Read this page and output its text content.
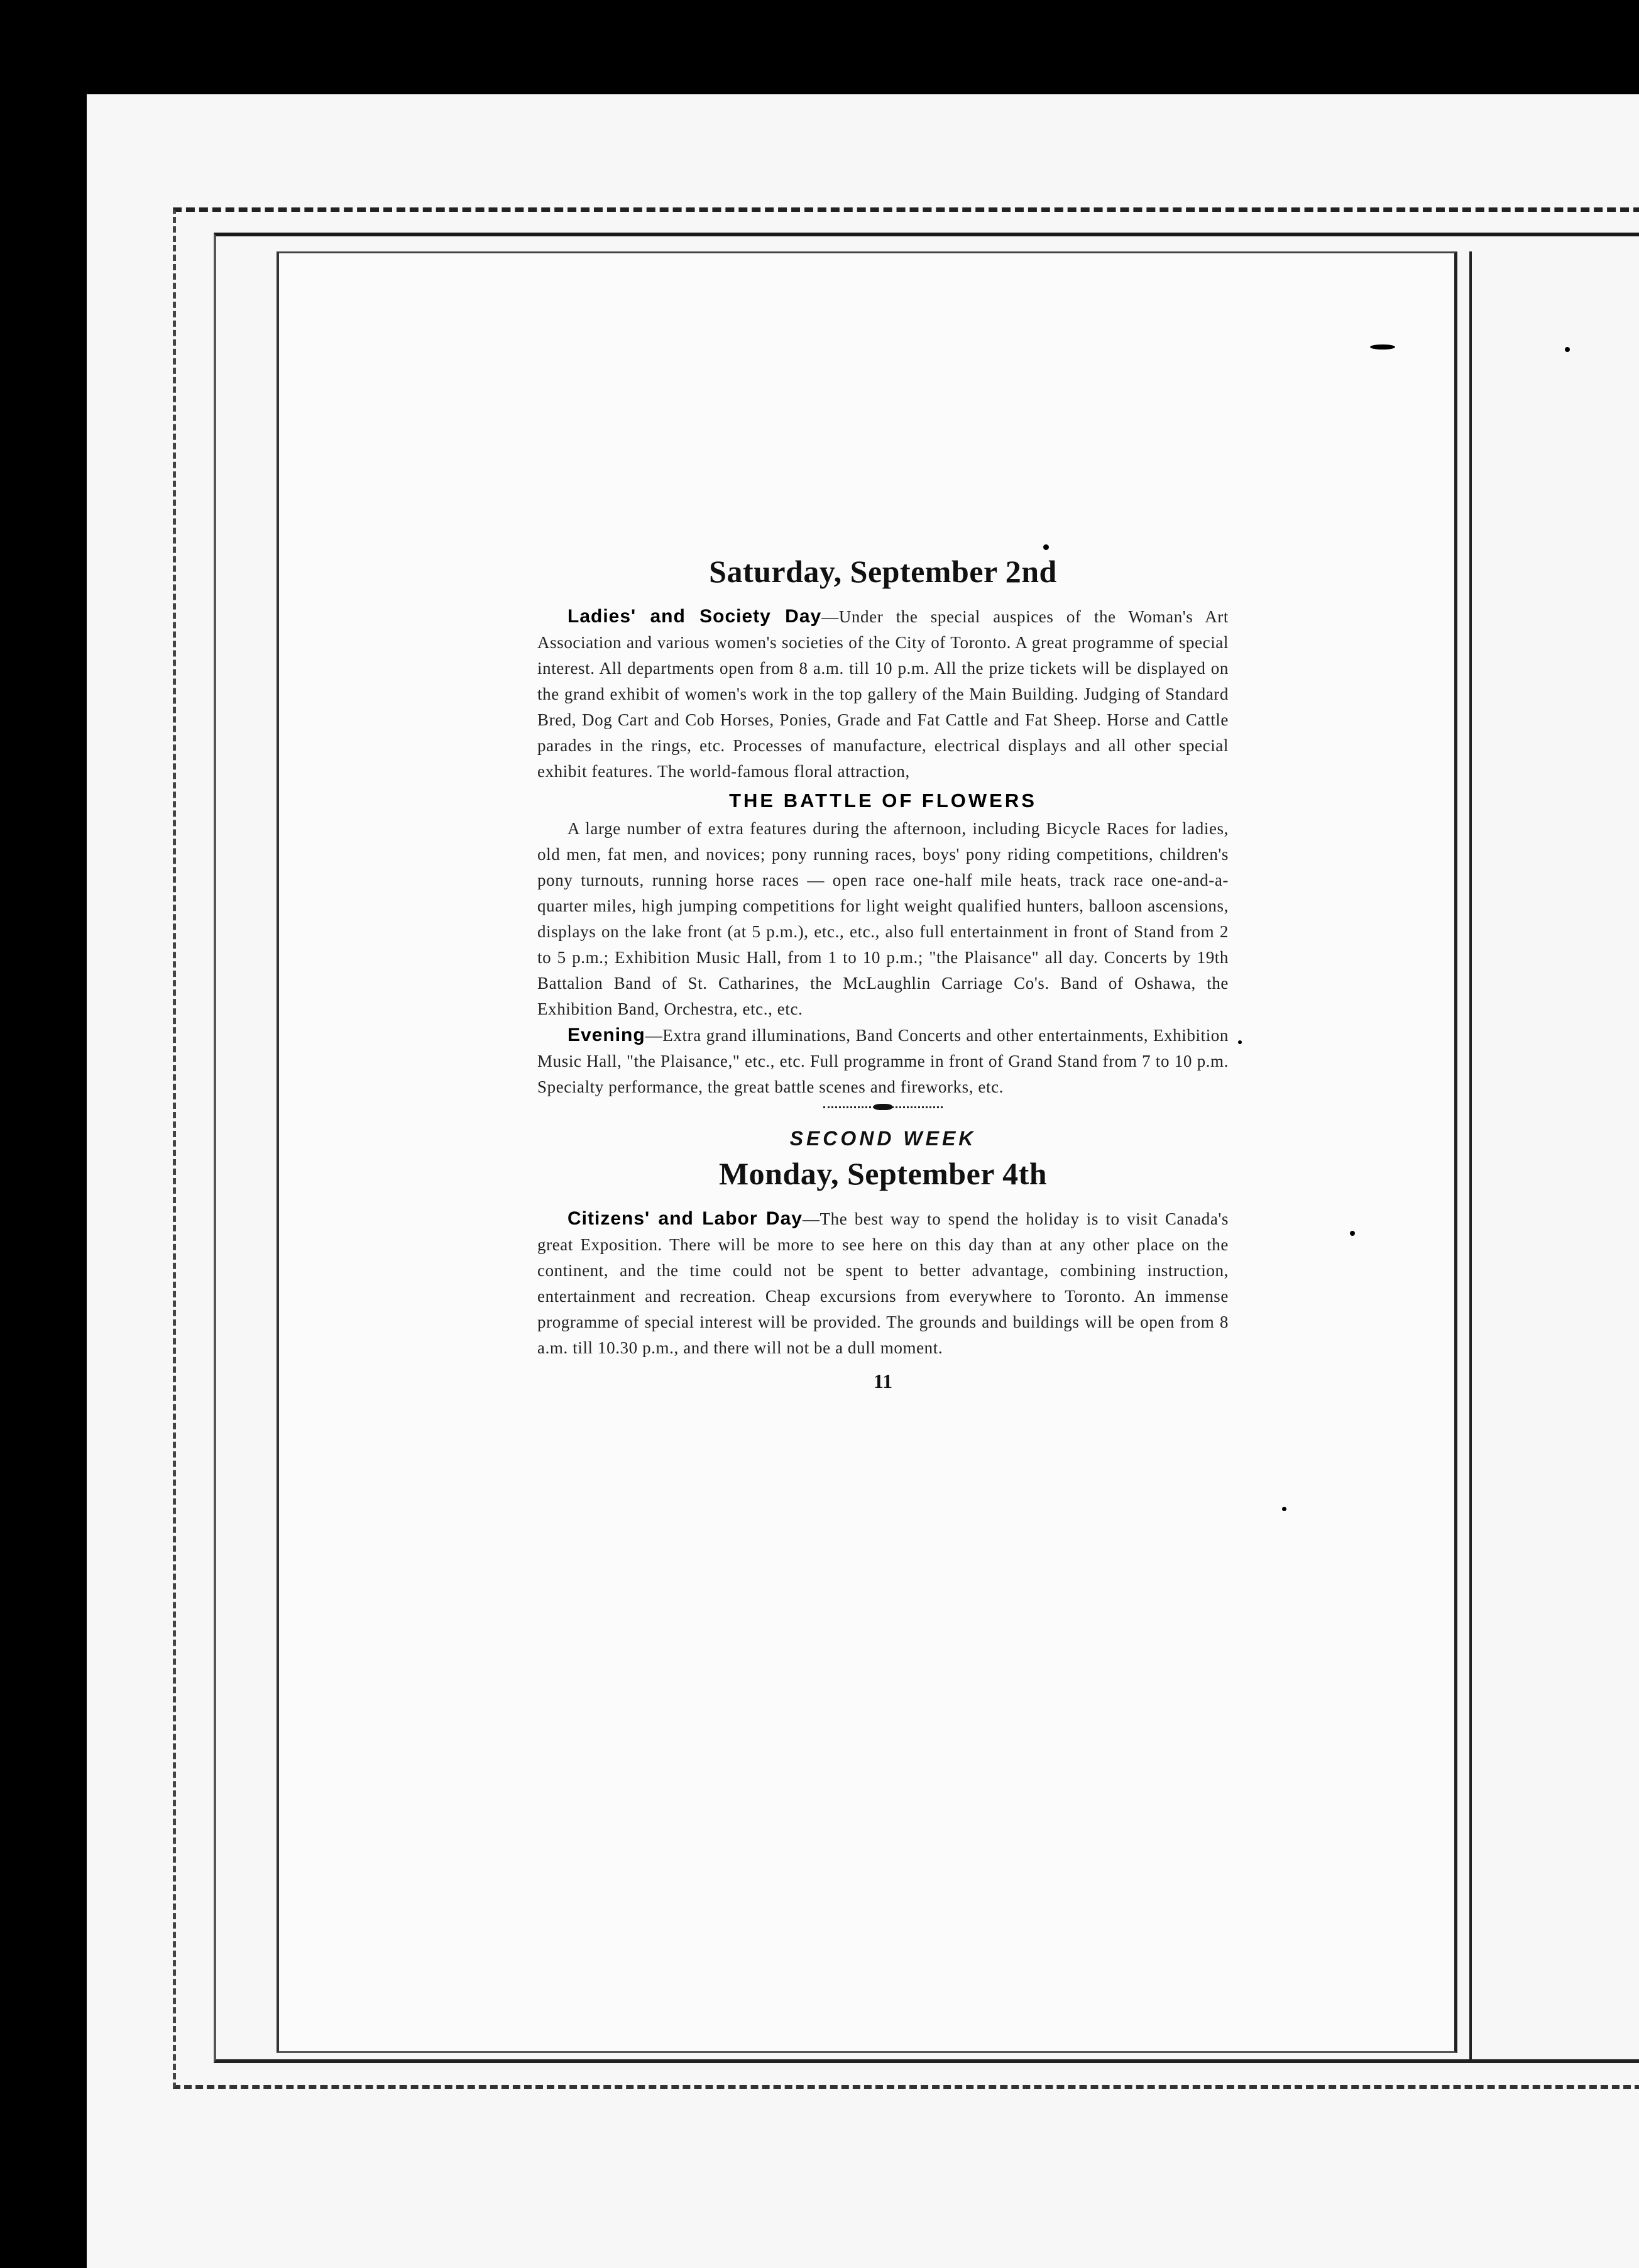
Saturday, September 2nd

Ladies' and Society Day—Under the special auspices of the Woman's Art Association and various women's societies of the City of Toronto. A great programme of special interest. All departments open from 8 a.m. till 10 p.m. All the prize tickets will be displayed on the grand exhibit of women's work in the top gallery of the Main Building. Judging of Standard Bred, Dog Cart and Cob Horses, Ponies, Grade and Fat Cattle and Fat Sheep. Horse and Cattle parades in the rings, etc. Processes of manufacture, electrical displays and all other special exhibit features. The world-famous floral attraction,

THE BATTLE OF FLOWERS

A large number of extra features during the afternoon, including Bicycle Races for ladies, old men, fat men, and novices; pony running races, boys' pony riding competitions, children's pony turnouts, running horse races — open race one-half mile heats, track race one-and-a-quarter miles, high jumping competitions for light weight qualified hunters, balloon ascensions, displays on the lake front (at 5 p.m.), etc., etc., also full entertainment in front of Stand from 2 to 5 p.m.; Exhibition Music Hall, from 1 to 10 p.m.; "the Plaisance" all day. Concerts by 19th Battalion Band of St. Catharines, the McLaughlin Carriage Co's. Band of Oshawa, the Exhibition Band, Orchestra, etc., etc.

Evening—Extra grand illuminations, Band Concerts and other entertainments, Exhibition Music Hall, "the Plaisance," etc., etc. Full programme in front of Grand Stand from 7 to 10 p.m. Specialty performance, the great battle scenes and fireworks, etc.

SECOND WEEK
Monday, September 4th

Citizens' and Labor Day—The best way to spend the holiday is to visit Canada's great Exposition. There will be more to see here on this day than at any other place on the continent, and the time could not be spent to better advantage, combining instruction, entertainment and recreation. Cheap excursions from everywhere to Toronto. An immense programme of special interest will be provided. The grounds and buildings will be open from 8 a.m. till 10.30 p.m., and there will not be a dull moment.

11
